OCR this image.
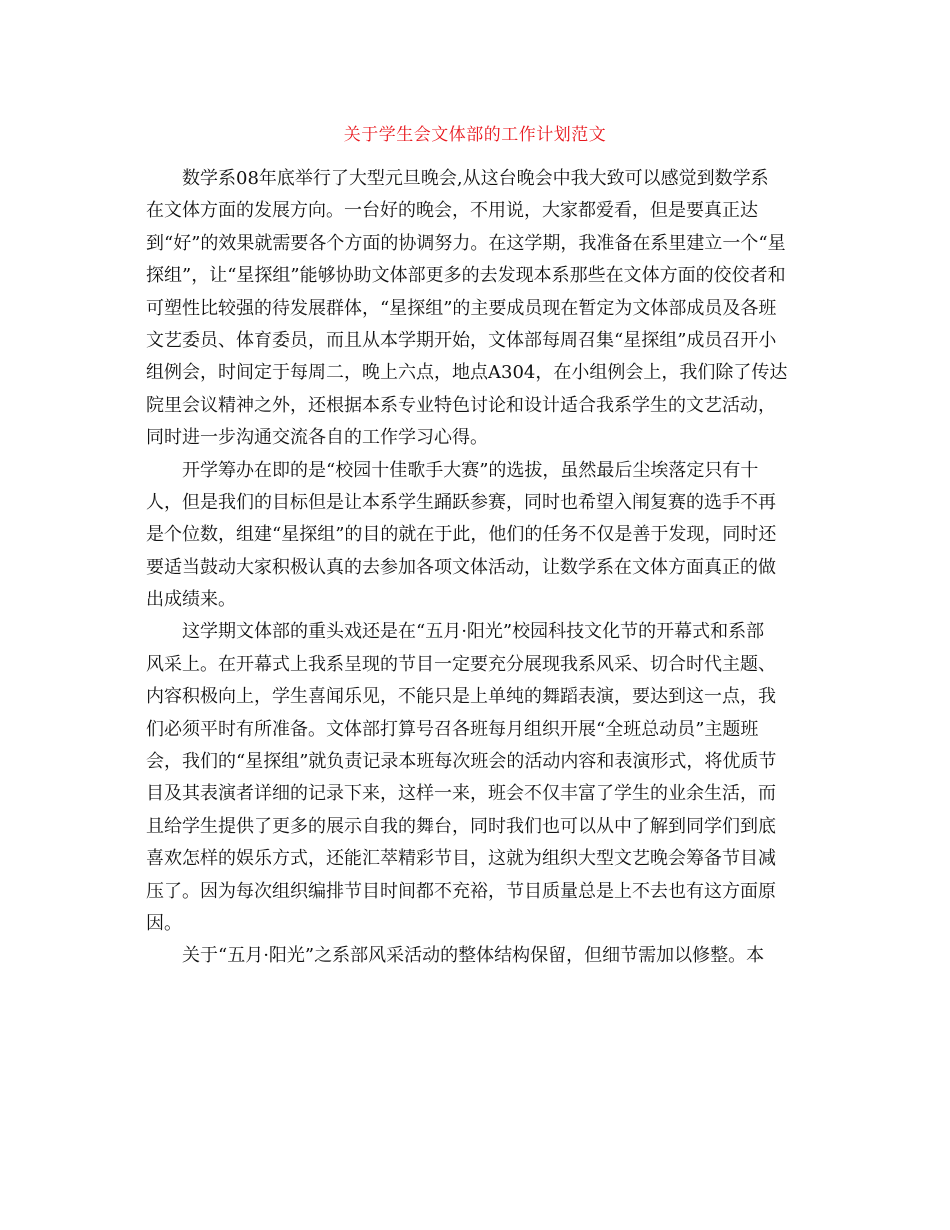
关于学生会文体部的工作计划范文
数学系08年底举行了大型元旦晚会,从这台晚会中我大致可以感觉到数学系
在文体方面的发展方向。一台好的晚会，不用说，大家都爱看，但是要真正达
到“好”的效果就需要各个方面的协调努力。在这学期，我准备在系里建立一个“星
探组”，让“星探组”能够协助文体部更多的去发现本系那些在文体方面的佼佼者和
可塑性比较强的待发展群体，“星探组”的主要成员现在暂定为文体部成员及各班
文艺委员、体育委员，而且从本学期开始，文体部每周召集“星探组”成员召开小
组例会，时间定于每周二，晚上六点，地点A304，在小组例会上，我们除了传达
院里会议精神之外，还根据本系专业特色讨论和设计适合我系学生的文艺活动，
同时进一步沟通交流各自的工作学习心得。
开学筹办在即的是“校园十佳歌手大赛”的选拔，虽然最后尘埃落定只有十
人，但是我们的目标但是让本系学生踊跃参赛，同时也希望入闱复赛的选手不再
是个位数，组建“星探组”的目的就在于此，他们的任务不仅是善于发现，同时还
要适当鼓动大家积极认真的去参加各项文体活动，让数学系在文体方面真正的做
出成绩来。
这学期文体部的重头戏还是在“五月·阳光”校园科技文化节的开幕式和系部
风采上。在开幕式上我系呈现的节目一定要充分展现我系风采、切合时代主题、
内容积极向上，学生喜闻乐见，不能只是上单纯的舞蹈表演，要达到这一点，我
们必须平时有所准备。文体部打算号召各班每月组织开展“全班总动员”主题班
会，我们的“星探组”就负责记录本班每次班会的活动内容和表演形式，将优质节
目及其表演者详细的记录下来，这样一来，班会不仅丰富了学生的业余生活，而
且给学生提供了更多的展示自我的舞台，同时我们也可以从中了解到同学们到底
喜欢怎样的娱乐方式，还能汇萃精彩节目，这就为组织大型文艺晚会筹备节目减
压了。因为每次组织编排节目时间都不充裕，节目质量总是上不去也有这方面原
因。
关于“五月·阳光”之系部风采活动的整体结构保留，但细节需加以修整。本
